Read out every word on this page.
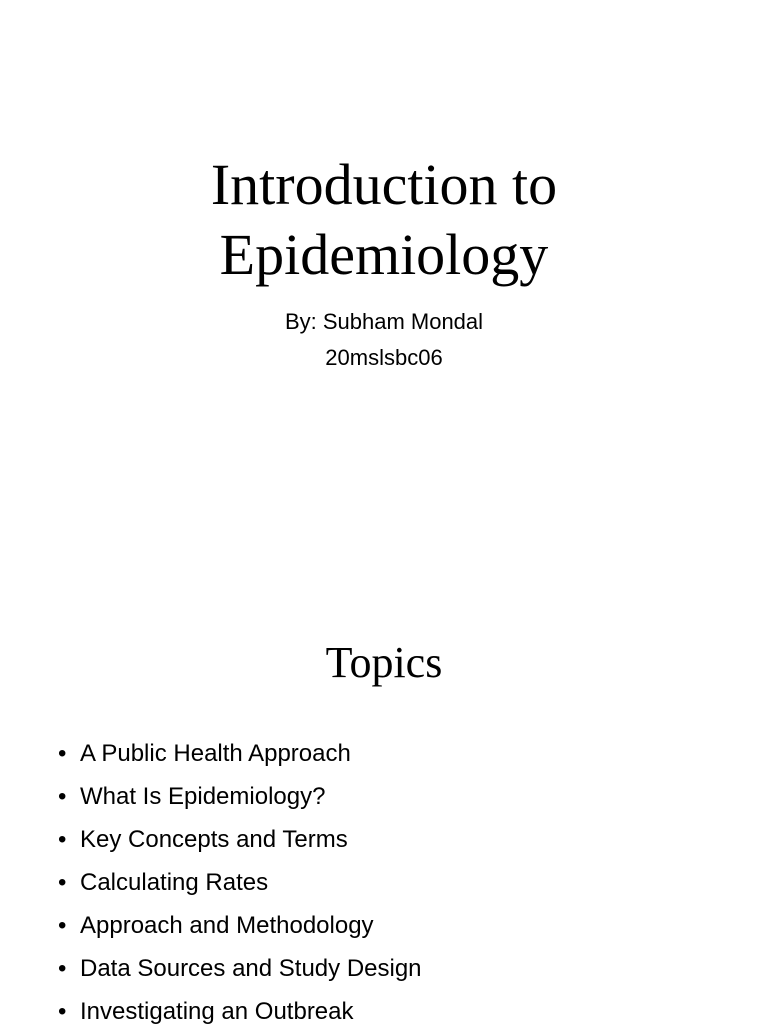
Introduction to
Epidemiology
By: Subham Mondal
20mslsbc06
Topics
• A Public Health Approach
• What Is Epidemiology?
• Key Concepts and Terms
• Calculating Rates
• Approach and Methodology
• Data Sources and Study Design
• Investigating an Outbreak
